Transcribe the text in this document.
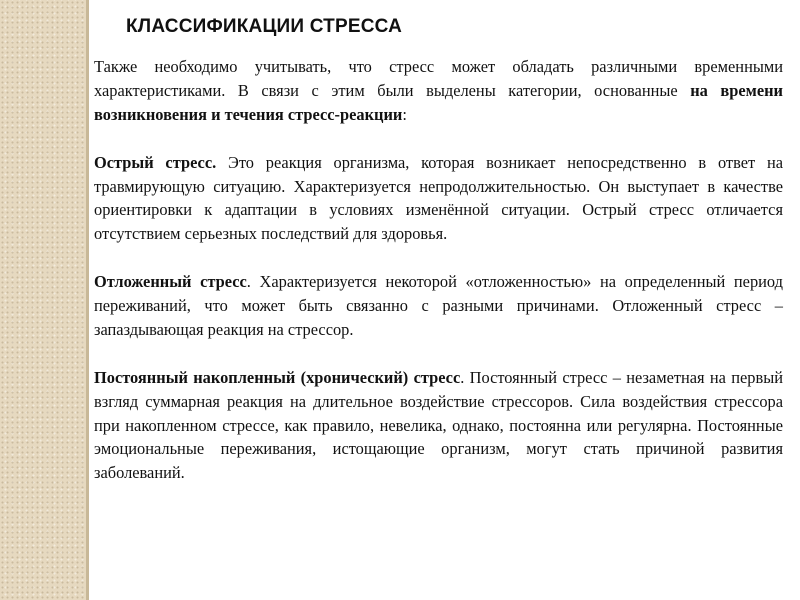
КЛАССИФИКАЦИИ СТРЕССА

Также необходимо учитывать, что стресс может обладать различными временными характеристиками. В связи с этим были выделены категории, основанные на времени возникновения и течения стресс-реакции:

Острый стресс. Это реакция организма, которая возникает непосредственно в ответ на травмирующую ситуацию. Характеризуется непродолжительностью. Он выступает в качестве ориентировки к адаптации в условиях изменённой ситуации. Острый стресс отличается отсутствием серьезных последствий для здоровья.

Отложенный стресс. Характеризуется некоторой «отложенностью» на определенный период переживаний, что может быть связанно с разными причинами. Отложенный стресс – запаздывающая реакция на стрессор.

Постоянный накопленный (хронический) стресс. Постоянный стресс – незаметная на первый взгляд суммарная реакция на длительное воздействие стрессоров. Сила воздействия стрессора при накопленном стрессе, как правило, невелика, однако, постоянна или регулярна. Постоянные эмоциональные переживания, истощающие организм, могут стать причиной развития заболеваний.
